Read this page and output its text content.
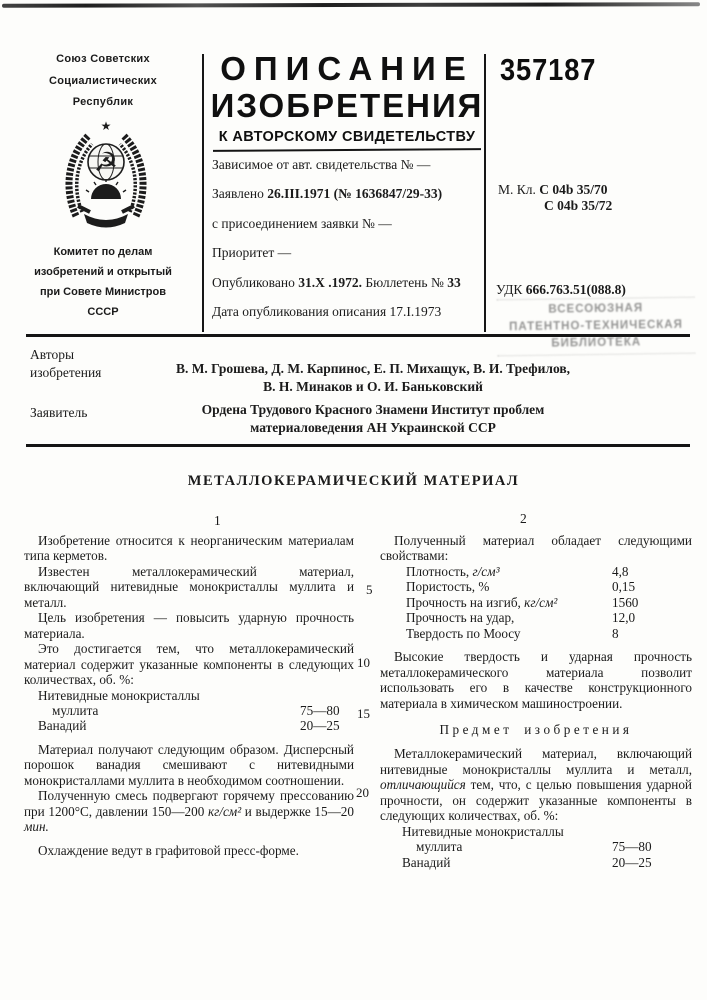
Союз Советских
Социалистических
Республик
★
☭
Комитет по делам
изобретений и открытый
при Совете Министров
СССР
ОПИСАНИЕ
ИЗОБРЕТЕНИЯ
К АВТОРСКОМУ СВИДЕТЕЛЬСТВУ
357187
Зависимое от авт. свидетельства № —
Заявлено 26.III.1971 (№ 1636847/29-33)
с присоединением заявки № —
Приоритет —
Опубликовано 31.X .1972. Бюллетень № 33
Дата опубликования описания 17.I.1973
М. Кл. C 04b 35/70
C 04b 35/72
УДК 666.763.51(088.8)
ВСЕСОЮЗНАЯ
ПАТЕНТНО-ТЕХНИЧЕСКАЯ
БИБЛИОТЕКА
Авторы
изобретения	В. М. Грошева, Д. М. Карпинос, Е. П. Михащук, В. И. Трефилов,
В. Н. Минаков и О. И. Баньковский
Заявитель	Ордена Трудового Красного Знамени Институт проблем
материаловедения АН Украинской ССР
МЕТАЛЛОКЕРАМИЧЕСКИЙ МАТЕРИАЛ
1	2
5
10
15
20

Изобретение относится к неорганическим материалам типа керметов.

Известен металлокерамический материал, включающий нитевидные монокристаллы муллита и металл.

Цель изобретения — повысить ударную прочность материала.

Это достигается тем, что металлокерамический материал содержит указанные компоненты в следующих количествах, об. %:

Нитевидные монокристаллы
муллита	75—80
Ванадий	20—25

Материал получают следующим образом. Дисперсный порошок ванадия смешивают с нитевидными монокристаллами муллита в необходимом соотношении.

Полученную смесь подвергают горячему прессованию при 1200°С, давлении 150—200 кг/см² и выдержке 15—20 мин.

Охлаждение ведут в графитовой пресс-форме.

Полученный материал обладает следующими свойствами:

Плотность, г/см³	4,8
Пористость, %	0,15
Прочность на изгиб, кг/см²	1560
Прочность на удар,	12,0
Твердость по Моосу	8

Высокие твердость и ударная прочность металлокерамического материала позволит использовать его в качестве конструкционного материала в химическом машиностроении.

Предмет изобретения

Металлокерамический материал, включающий нитевидные монокристаллы муллита и металл, отличающийся тем, что, с целью повышения ударной прочности, он содержит указанные компоненты в следующих количествах, об. %:

Нитевидные монокристаллы
муллита	75—80
Ванадий	20—25
